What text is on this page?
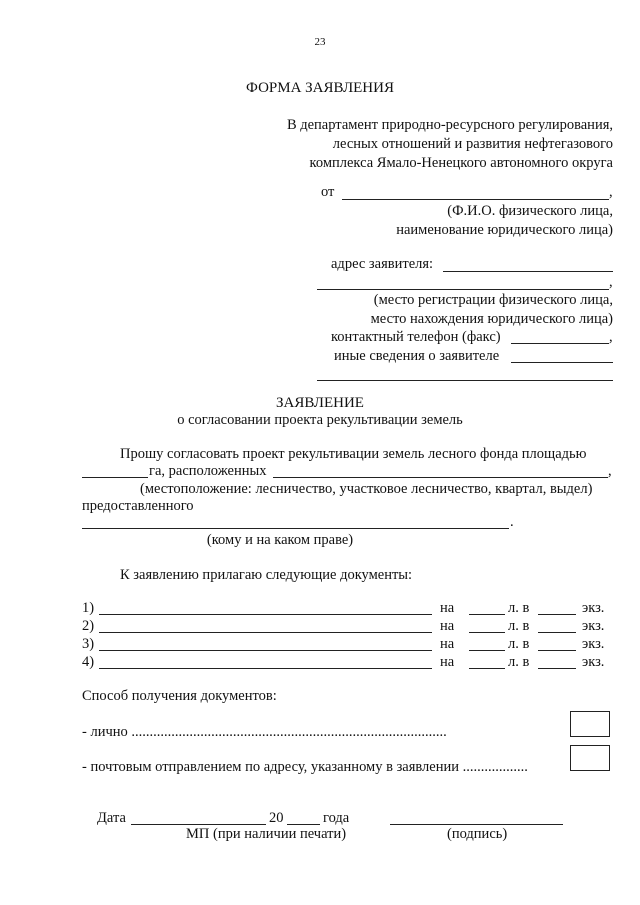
23
ФОРМА ЗАЯВЛЕНИЯ
В департамент природно-ресурсного регулирования,
лесных отношений и развития нефтегазового
комплекса Ямало-Ненецкого автономного округа
от	,
(Ф.И.О. физического лица,
наименование юридического лица)
адрес заявителя:
,
(место регистрации физического лица,
место нахождения юридического лица)
контактный телефон (факс)	,
иные сведения о заявителе
ЗАЯВЛЕНИЕ
о согласовании проекта рекультивации земель
Прошу согласовать проект рекультивации земель лесного фонда площадью
га, расположенных	,
(местоположение: лесничество, участковое лесничество, квартал, выдел)
предоставленного
.
(кому и на каком праве)
К заявлению прилагаю следующие документы:
1)	на	л. в	экз.
2)	на	л. в	экз.
3)	на	л. в	экз.
4)	на	л. в	экз.
Способ получения документов:
- лично .......................................................................................
- почтовым отправлением по адресу, указанному в заявлении ..................
Дата	20	года
МП (при наличии печати)	(подпись)
